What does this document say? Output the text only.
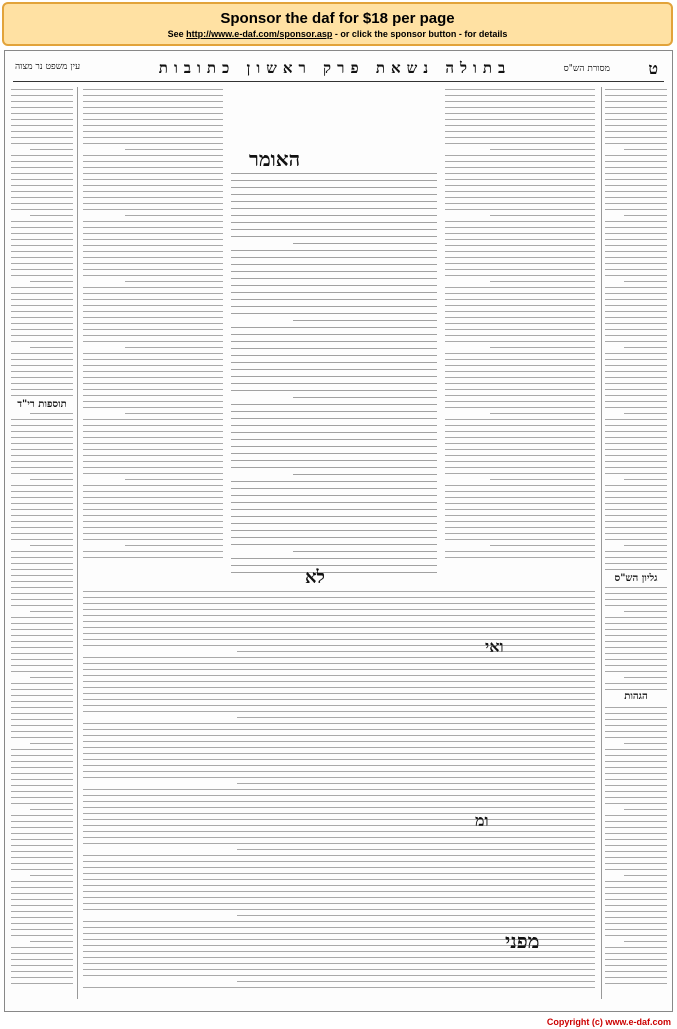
Sponsor the daf for $18 per page
See http://www.e-daf.com/sponsor.asp - or click the sponsor button - for details
עין משפט נר מצוה	בתולה נשאת פרק ראשון כתובות	ט
מסורת הש"ס
תוספות רי"ד
גליון הש"ס
הגהות
האומר
לא
ואי
ומ
מפני
Copyright (c) www.e-daf.com
